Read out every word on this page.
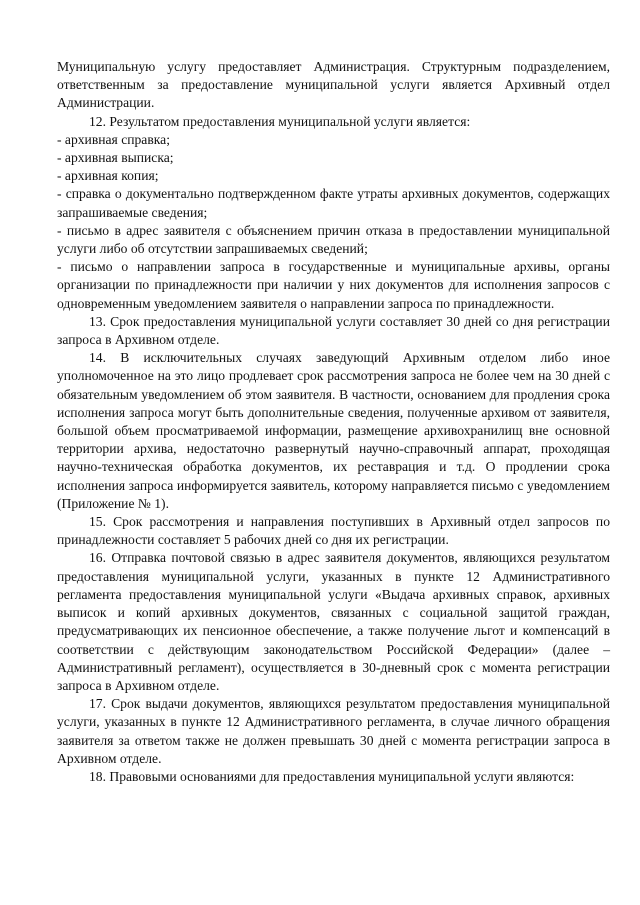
Муниципальную услугу предоставляет Администрация. Структурным подразделением, ответственным за предоставление муниципальной услуги является Архивный отдел Администрации.

12. Результатом предоставления муниципальной услуги является:

- архивная справка;

- архивная выписка;

- архивная копия;

- справка о документально подтвержденном факте утраты архивных документов, содержащих запрашиваемые сведения;

- письмо в адрес заявителя с объяснением причин отказа в предоставлении муниципальной услуги либо об отсутствии запрашиваемых сведений;

- письмо о направлении запроса в государственные и муниципальные архивы, органы организации по принадлежности при наличии у них документов для исполнения запросов с одновременным уведомлением заявителя о направлении запроса по принадлежности.

13. Срок предоставления муниципальной услуги составляет 30 дней со дня регистрации запроса в Архивном отделе.

14. В исключительных случаях заведующий Архивным отделом либо иное уполномоченное на это лицо продлевает срок рассмотрения запроса не более чем на 30 дней с обязательным уведомлением об этом заявителя. В частности, основанием для продления срока исполнения запроса могут быть дополнительные сведения, полученные архивом от заявителя, большой объем просматриваемой информации, размещение архивохранилищ вне основной территории архива, недостаточно развернутый научно-справочный аппарат, проходящая научно-техническая обработка документов, их реставрация и т.д. О продлении срока исполнения запроса информируется заявитель, которому направляется письмо с уведомлением (Приложение № 1).

15. Срок рассмотрения и направления поступивших в Архивный отдел запросов по принадлежности составляет 5 рабочих дней со дня их регистрации.

16. Отправка почтовой связью в адрес заявителя документов, являющихся результатом предоставления муниципальной услуги, указанных в пункте 12 Административного регламента предоставления муниципальной услуги «Выдача архивных справок, архивных выписок и копий архивных документов, связанных с социальной защитой граждан, предусматривающих их пенсионное обеспечение, а также получение льгот и компенсаций в соответствии с действующим законодательством Российской Федерации» (далее – Административный регламент), осуществляется в 30-дневный срок с момента регистрации запроса в Архивном отделе.

17. Срок выдачи документов, являющихся результатом предоставления муниципальной услуги, указанных в пункте 12 Административного регламента, в случае личного обращения заявителя за ответом также не должен превышать 30 дней с момента регистрации запроса в Архивном отделе.

18. Правовыми основаниями для предоставления муниципальной услуги являются:
